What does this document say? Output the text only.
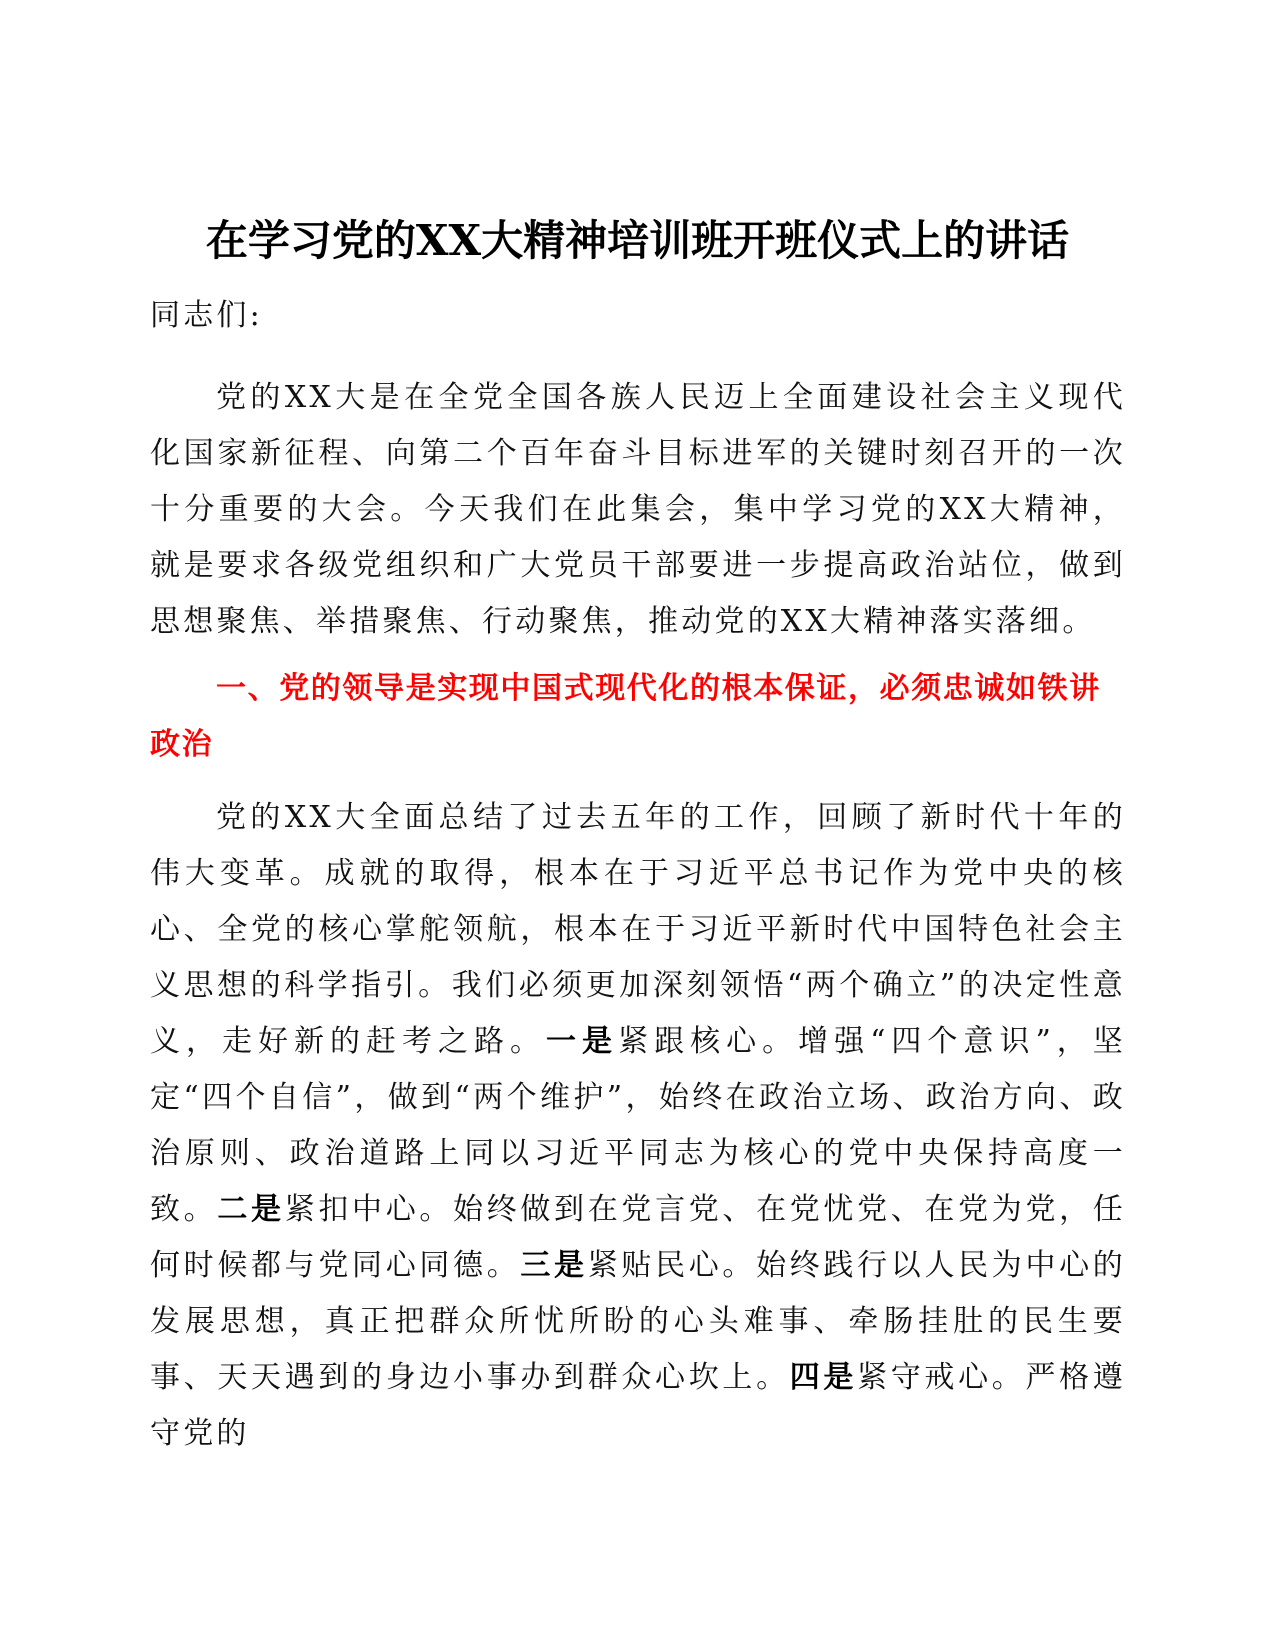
在学习党的XX大精神培训班开班仪式上的讲话

同志们:

党的XX大是在全党全国各族人民迈上全面建设社会主义现代化国家新征程、向第二个百年奋斗目标进军的关键时刻召开的一次十分重要的大会。今天我们在此集会，集中学习党的XX大精神，就是要求各级党组织和广大党员干部要进一步提高政治站位，做到思想聚焦、举措聚焦、行动聚焦，推动党的XX大精神落实落细。

一、党的领导是实现中国式现代化的根本保证，必须忠诚如铁讲政治

党的XX大全面总结了过去五年的工作，回顾了新时代十年的伟大变革。成就的取得，根本在于习近平总书记作为党中央的核心、全党的核心掌舵领航，根本在于习近平新时代中国特色社会主义思想的科学指引。我们必须更加深刻领悟“两个确立”的决定性意义，走好新的赶考之路。一是紧跟核心。增强“四个意识”，坚定“四个自信”，做到“两个维护”，始终在政治立场、政治方向、政治原则、政治道路上同以习近平同志为核心的党中央保持高度一致。二是紧扣中心。始终做到在党言党、在党忧党、在党为党，任何时候都与党同心同德。三是紧贴民心。始终践行以人民为中心的发展思想，真正把群众所忧所盼的心头难事、牵肠挂肚的民生要事、天天遇到的身边小事办到群众心坎上。四是紧守戒心。严格遵守党的
